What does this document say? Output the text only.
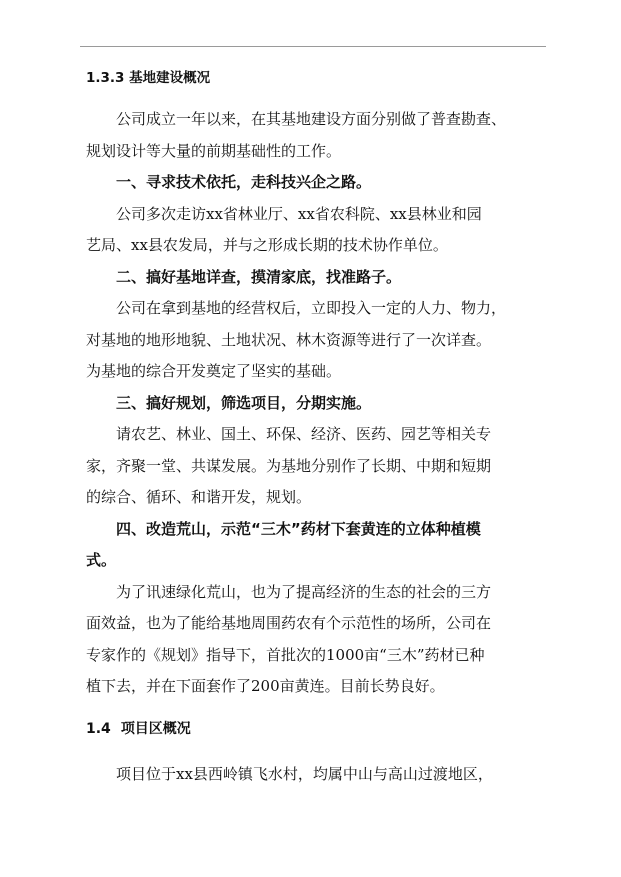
1.3.3 基地建设概况

公司成立一年以来，在其基地建设方面分别做了普查勘查、
规划设计等大量的前期基础性的工作。

一、寻求技术依托，走科技兴企之路。

公司多次走访xx省林业厅、xx省农科院、xx县林业和园
艺局、xx县农发局，并与之形成长期的技术协作单位。

二、搞好基地详查，摸清家底，找准路子。

公司在拿到基地的经营权后，立即投入一定的人力、物力，
对基地的地形地貌、土地状况、林木资源等进行了一次详查。
为基地的综合开发奠定了坚实的基础。

三、搞好规划，筛选项目，分期实施。

请农艺、林业、国土、环保、经济、医药、园艺等相关专
家，齐聚一堂、共谋发展。为基地分别作了长期、中期和短期
的综合、循环、和谐开发，规划。

四、改造荒山，示范“三木”药材下套黄连的立体种植模
式。

为了讯速绿化荒山，也为了提高经济的生态的社会的三方
面效益，也为了能给基地周围药农有个示范性的场所，公司在
专家作的《规划》指导下，首批次的1000亩“三木”药材已种
植下去，并在下面套作了200亩黄连。目前长势良好。

1.4 项目区概况

项目位于xx县西岭镇飞水村，均属中山与高山过渡地区，
